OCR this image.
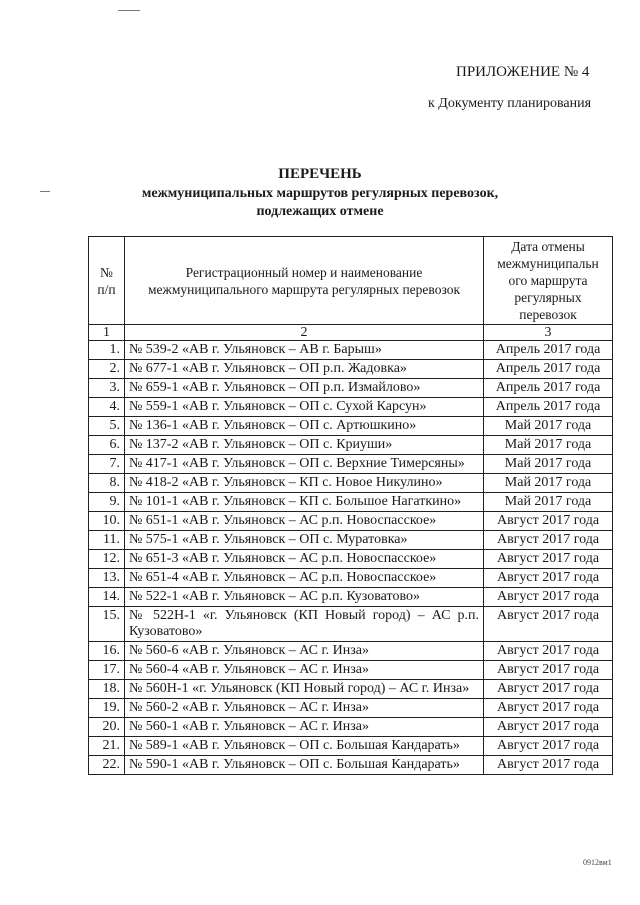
ПРИЛОЖЕНИЕ № 4
к Документу планирования
ПЕРЕЧЕНЬ
межмуниципальных маршрутов регулярных перевозок,
подлежащих отмене
№ п/п	Регистрационный номер и наименование межмуниципального маршрута регулярных перевозок	Дата отмены межмуниципальн ого маршрута регулярных перевозок
1	2	3
1.	№ 539-2 «АВ г. Ульяновск – АВ г. Барыш»	Апрель 2017 года
2.	№ 677-1 «АВ г. Ульяновск – ОП р.п. Жадовка»	Апрель 2017 года
3.	№ 659-1 «АВ г. Ульяновск – ОП р.п. Измайлово»	Апрель 2017 года
4.	№ 559-1 «АВ г. Ульяновск – ОП с. Сухой Карсун»	Апрель 2017 года
5.	№ 136-1 «АВ г. Ульяновск – ОП с. Артюшкино»	Май 2017 года
6.	№ 137-2 «АВ г. Ульяновск – ОП с. Криуши»	Май 2017 года
7.	№ 417-1 «АВ г. Ульяновск – ОП с. Верхние Тимерсяны»	Май 2017 года
8.	№ 418-2 «АВ г. Ульяновск – КП с. Новое Никулино»	Май 2017 года
9.	№ 101-1 «АВ г. Ульяновск – КП с. Большое Нагаткино»	Май 2017 года
10.	№ 651-1 «АВ г. Ульяновск – АС р.п. Новоспасское»	Август 2017 года
11.	№ 575-1 «АВ г. Ульяновск – ОП с. Муратовка»	Август 2017 года
12.	№ 651-3 «АВ г. Ульяновск – АС р.п. Новоспасское»	Август 2017 года
13.	№ 651-4 «АВ г. Ульяновск – АС р.п. Новоспасское»	Август 2017 года
14.	№ 522-1 «АВ г. Ульяновск – АС р.п. Кузоватово»	Август 2017 года
15.	№ 522Н-1 «г. Ульяновск (КП Новый город) – АС р.п. Кузоватово»	Август 2017 года
16.	№ 560-6 «АВ г. Ульяновск – АС г. Инза»	Август 2017 года
17.	№ 560-4 «АВ г. Ульяновск – АС г. Инза»	Август 2017 года
18.	№ 560Н-1 «г. Ульяновск (КП Новый город) – АС г. Инза»	Август 2017 года
19.	№ 560-2 «АВ г. Ульяновск – АС г. Инза»	Август 2017 года
20.	№ 560-1 «АВ г. Ульяновск – АС г. Инза»	Август 2017 года
21.	№ 589-1 «АВ г. Ульяновск – ОП с. Большая Кандарать»	Август 2017 года
22.	№ 590-1 «АВ г. Ульяновск – ОП с. Большая Кандарать»	Август 2017 года
0912вм1
